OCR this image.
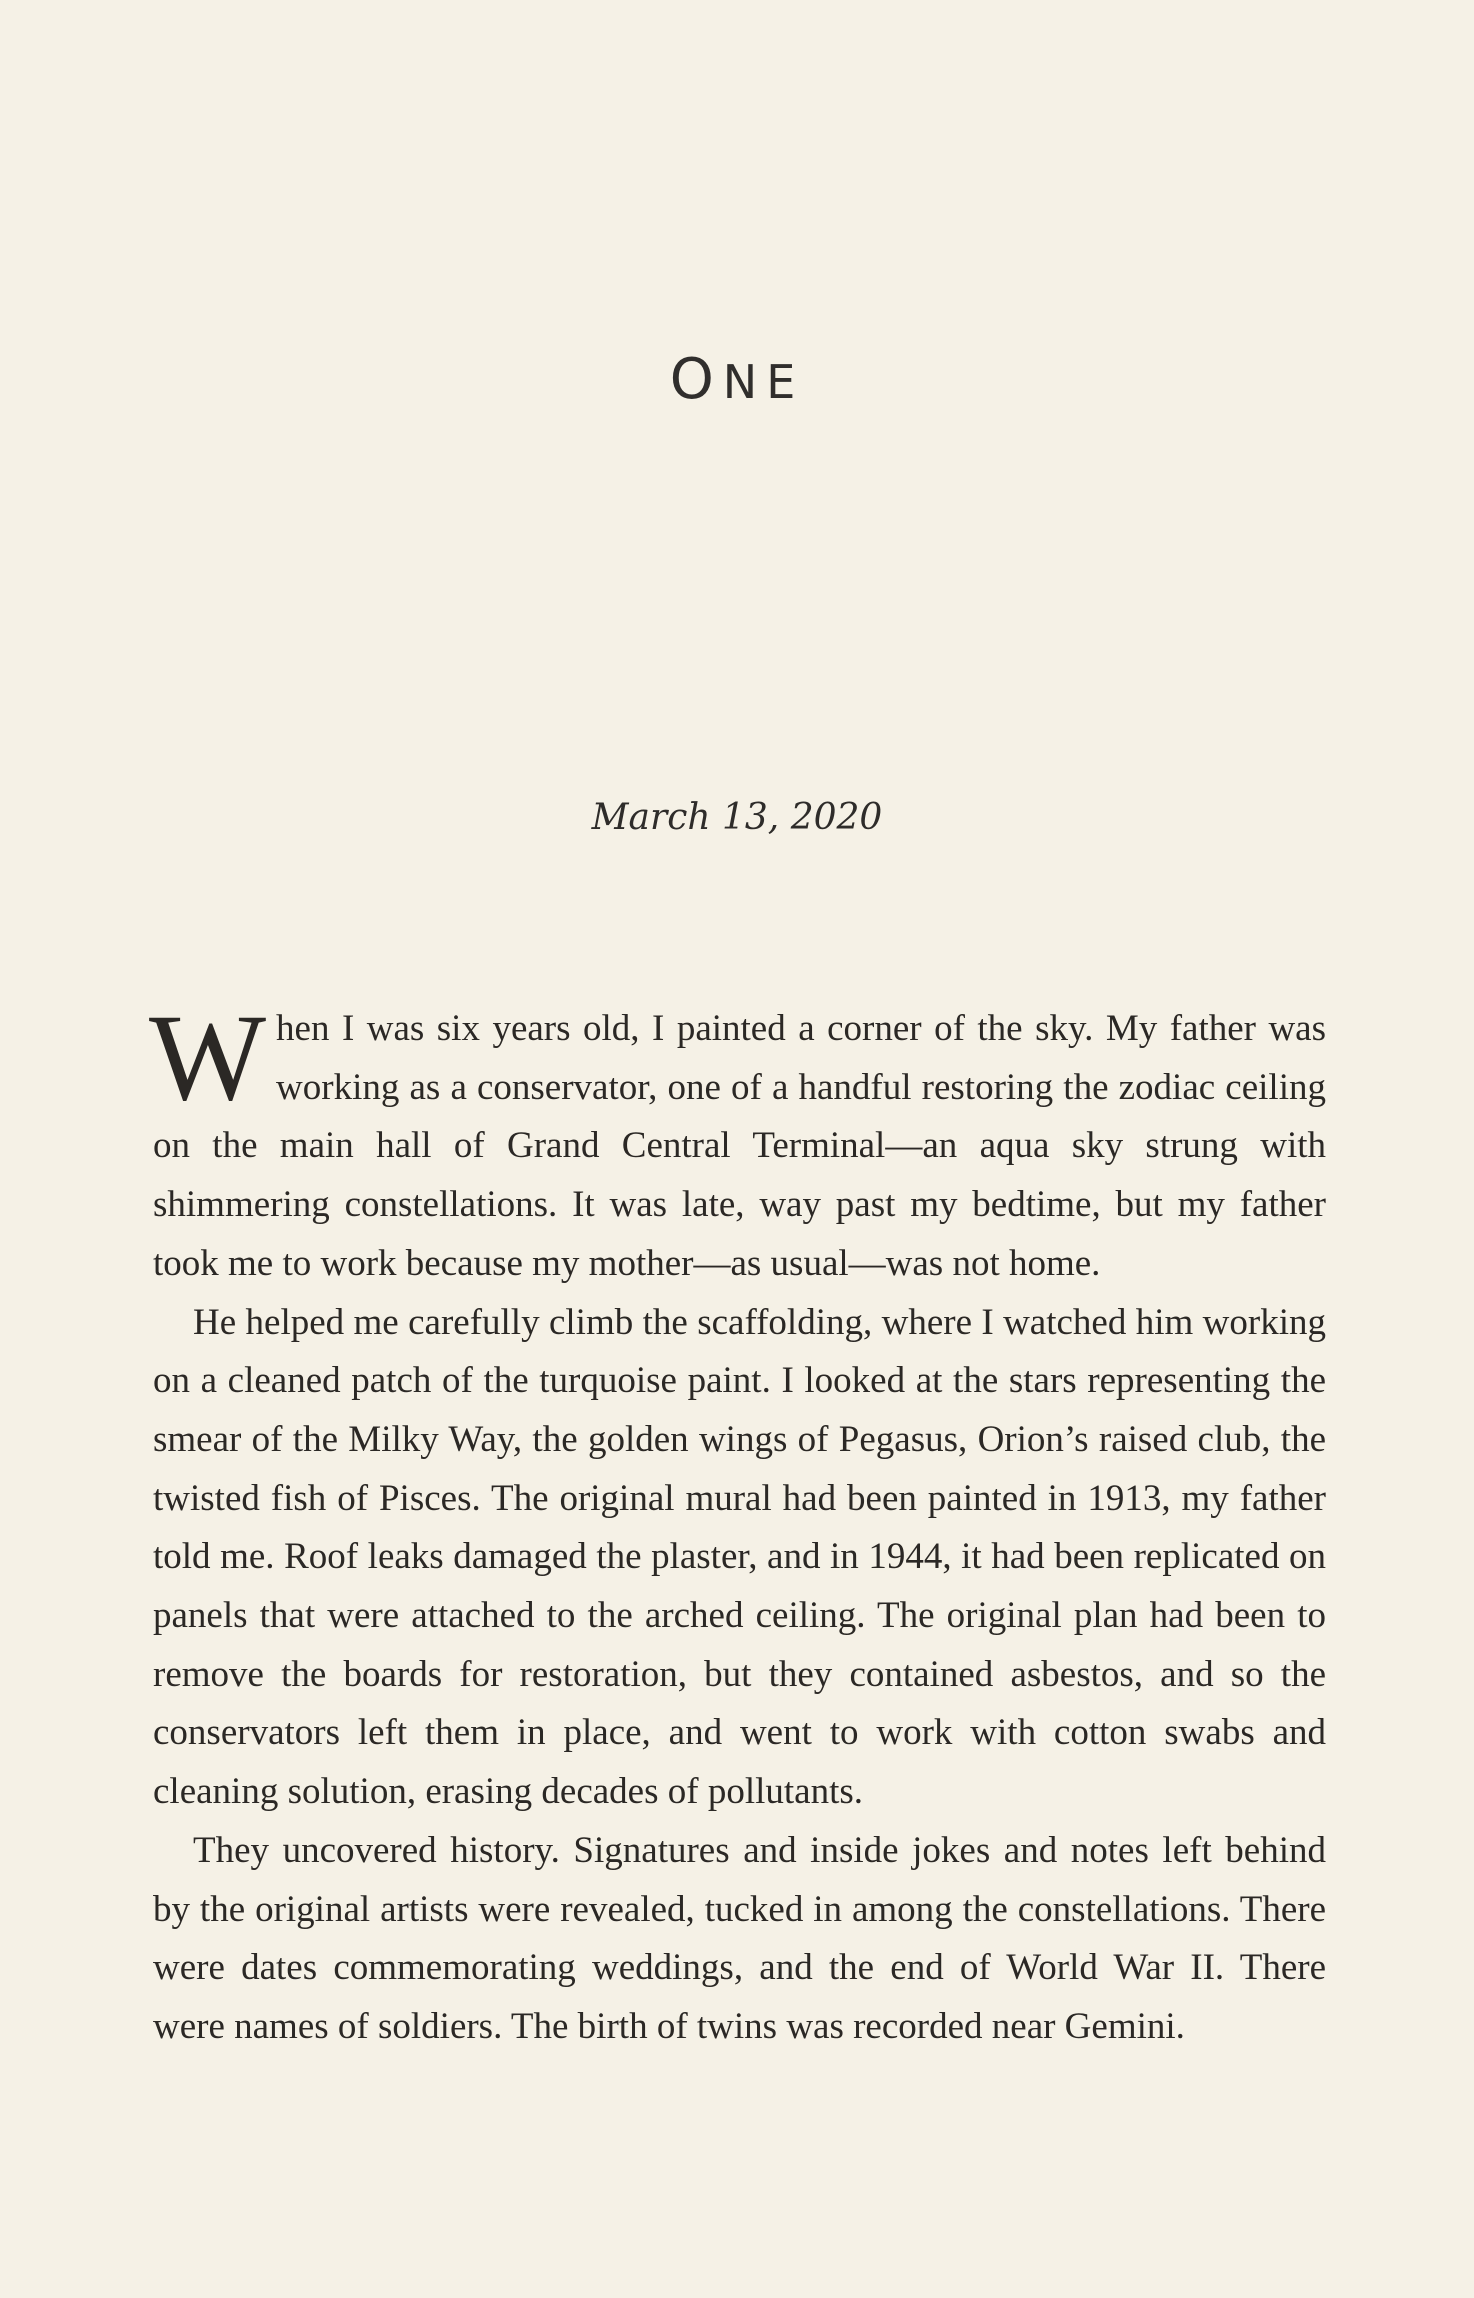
ONE
March 13, 2020

When I was six years old, I painted a corner of the sky. My father was working as a conservator, one of a handful restoring the zodiac ceiling on the main hall of Grand Central Terminal—an aqua sky strung with shimmering constellations. It was late, way past my bedtime, but my father took me to work because my mother—as usual—was not home.

He helped me carefully climb the scaffolding, where I watched him working on a cleaned patch of the turquoise paint. I looked at the stars representing the smear of the Milky Way, the golden wings of Pegasus, Orion’s raised club, the twisted fish of Pisces. The original mural had been painted in 1913, my father told me. Roof leaks damaged the plaster, and in 1944, it had been replicated on panels that were attached to the arched ceiling. The original plan had been to remove the boards for restoration, but they contained asbestos, and so the conservators left them in place, and went to work with cotton swabs and cleaning solution, erasing decades of pollutants.

They uncovered history. Signatures and inside jokes and notes left behind by the original artists were revealed, tucked in among the constellations. There were dates commemorating weddings, and the end of World War II. There were names of soldiers. The birth of twins was recorded near Gemini.
